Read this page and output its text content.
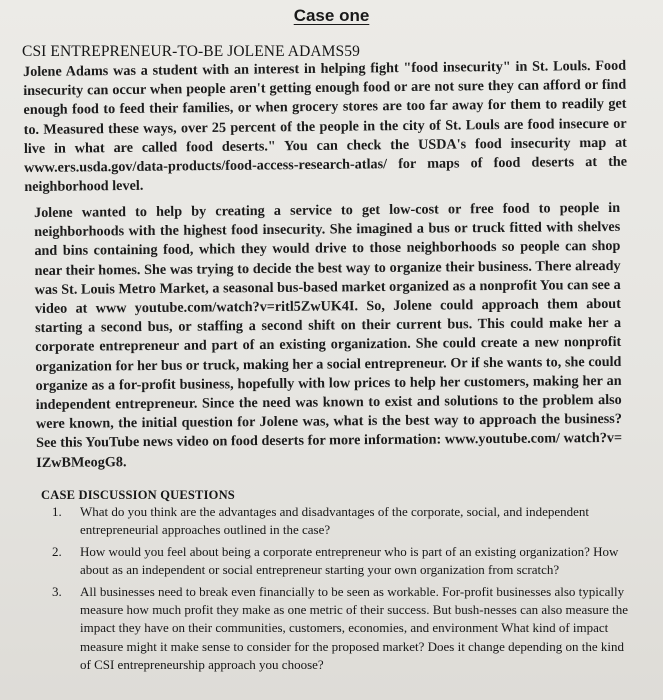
Case one
CSI ENTREPRENEUR-TO-BE JOLENE ADAMS59

Jolene Adams was a student with an interest in helping fight "food insecurity" in St. Louls. Food insecurity can occur when people aren't getting enough food or are not sure they can afford or find enough food to feed their families, or when grocery stores are too far away for them to readily get to. Measured these ways, over 25 percent of the people in the city of St. Louls are food insecure or live in what are called food deserts." You can check the USDA's food insecurity map at www.ers.usda.gov/data-products/food-access-research-atlas/ for maps of food deserts at the neighborhood level.

Jolene wanted to help by creating a service to get low-cost or free food to people in neighborhoods with the highest food insecurity. She imagined a bus or truck fitted with shelves and bins containing food, which they would drive to those neighborhoods so people can shop near their homes. She was trying to decide the best way to organize their business. There already was St. Louis Metro Market, a seasonal bus-based market organized as a nonprofit You can see a video at www youtube.com/watch?v=ritl5ZwUK4I. So, Jolene could approach them about starting a second bus, or staffing a second shift on their current bus. This could make her a corporate entrepreneur and part of an existing organization. She could create a new nonprofit organization for her bus or truck, making her a social entrepreneur. Or if she wants to, she could organize as a for-profit business, hopefully with low prices to help her customers, making her an independent entrepreneur. Since the need was known to exist and solutions to the problem also were known, the initial question for Jolene was, what is the best way to approach the business? See this YouTube news video on food deserts for more information: www.youtube.com/ watch?v= IZwBMeogG8.

CASE DISCUSSION QUESTIONS
1. What do you think are the advantages and disadvantages of the corporate, social, and independent entrepreneurial approaches outlined in the case?
2. How would you feel about being a corporate entrepreneur who is part of an existing organization? How about as an independent or social entrepreneur starting your own organization from scratch?
3. All businesses need to break even financially to be seen as workable. For-profit businesses also typically measure how much profit they make as one metric of their success. But bush-nesses can also measure the impact they have on their communities, customers, economies, and environment What kind of impact measure might it make sense to consider for the proposed market? Does it change depending on the kind of CSI entrepreneurship approach you choose?
